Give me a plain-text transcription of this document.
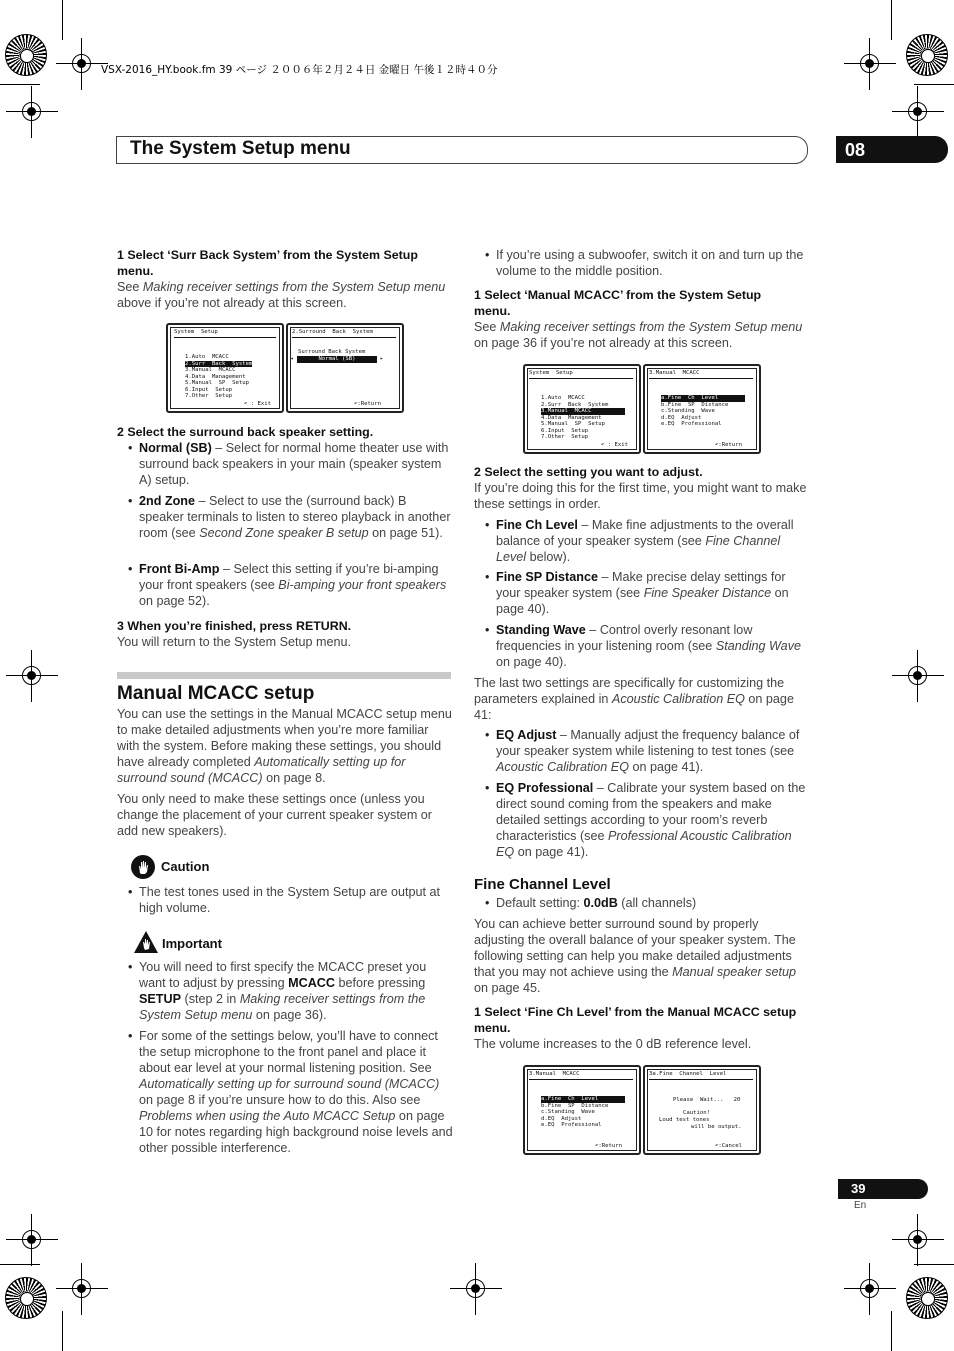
VSX-2016_HY.book.fm 39 ページ ２００６年２月２４日 金曜日 午後１２時４０分
The System Setup menu	08
1 Select ‘Surr Back System’ from the System Setup menu.
See Making receiver settings from the System Setup menu above if you’re not already at this screen.
System  Setup

1.Auto  MCACC
2.Surr  Back  System
3.Manual  MCACC
4.Data  Management
5.Manual  SP  Setup
6.Input  Setup
7.Other  Setup

↶ : Exit
2.Surround  Back  System
Surround Back System
Normal (SB)
◂	▸
↶:Return
2 Select the surround back speaker setting.
• Normal (SB) – Select for normal home theater use with surround back speakers in your main (speaker system A) setup.
• 2nd Zone – Select to use the (surround back) B speaker terminals to listen to stereo playback in another room (see Second Zone speaker B setup on page 51).
• Front Bi-Amp – Select this setting if you’re bi-amping your front speakers (see Bi-amping your front speakers on page 52).
3 When you’re finished, press RETURN.
You will return to the System Setup menu.
Manual MCACC setup
You can use the settings in the Manual MCACC setup menu to make detailed adjustments when you’re more familiar with the system. Before making these settings, you should have already completed Automatically setting up for surround sound (MCACC) on page 8.
You only need to make these settings once (unless you change the placement of your current speaker system or add new speakers).
Caution
• The test tones used in the System Setup are output at high volume.
Important
• You will need to first specify the MCACC preset you want to adjust by pressing MCACC before pressing SETUP (step 2 in Making receiver settings from the System Setup menu on page 36).
• For some of the settings below, you’ll have to connect the setup microphone to the front panel and place it about ear level at your normal listening position. See Automatically setting up for surround sound (MCACC) on page 8 if you’re unsure how to do this. Also see Problems when using the Auto MCACC Setup on page 10 for notes regarding high background noise levels and other possible interference.
• If you’re using a subwoofer, switch it on and turn up the volume to the middle position.
1 Select ‘Manual MCACC’ from the System Setup menu.
See Making receiver settings from the System Setup menu on page 36 if you’re not already at this screen.
System  Setup

1.Auto  MCACC
2.Surr  Back  System
3.Manual  MCACC
4.Data  Management
5.Manual  SP  Setup
6.Input  Setup
7.Other  Setup

↶ : Exit
3.Manual  MCACC

a.Fine  Ch  Level
b.Fine  SP  Distance
c.Standing  Wave
d.EQ  Adjust
e.EQ  Professional

↶:Return
2 Select the setting you want to adjust.
If you’re doing this for the first time, you might want to make these settings in order.
• Fine Ch Level – Make fine adjustments to the overall balance of your speaker system (see Fine Channel Level below).
• Fine SP Distance – Make precise delay settings for your speaker system (see Fine Speaker Distance on page 40).
• Standing Wave – Control overly resonant low frequencies in your listening room (see Standing Wave on page 40).
The last two settings are specifically for customizing the parameters explained in Acoustic Calibration EQ on page 41:
• EQ Adjust – Manually adjust the frequency balance of your speaker system while listening to test tones (see Acoustic Calibration EQ on page 41).
• EQ Professional – Calibrate your system based on the direct sound coming from the speakers and make detailed settings according to your room’s reverb characteristics (see Professional Acoustic Calibration EQ on page 41).
Fine Channel Level
• Default setting: 0.0dB (all channels)
You can achieve better surround sound by properly adjusting the overall balance of your speaker system. The following setting can help you make detailed adjustments that you may not achieve using the Manual speaker setup on page 45.
1 Select ‘Fine Ch Level’ from the Manual MCACC setup menu.
The volume increases to the 0 dB reference level.
3.Manual  MCACC

a.Fine  Ch  Level
b.Fine  SP  Distance
c.Standing  Wave
d.EQ  Adjust
e.EQ  Professional

↶:Return
3a.Fine  Channel  Level
Please  Wait...   20
Caution!
Loud test tones
will be output.
↶:Cancel
39
En
